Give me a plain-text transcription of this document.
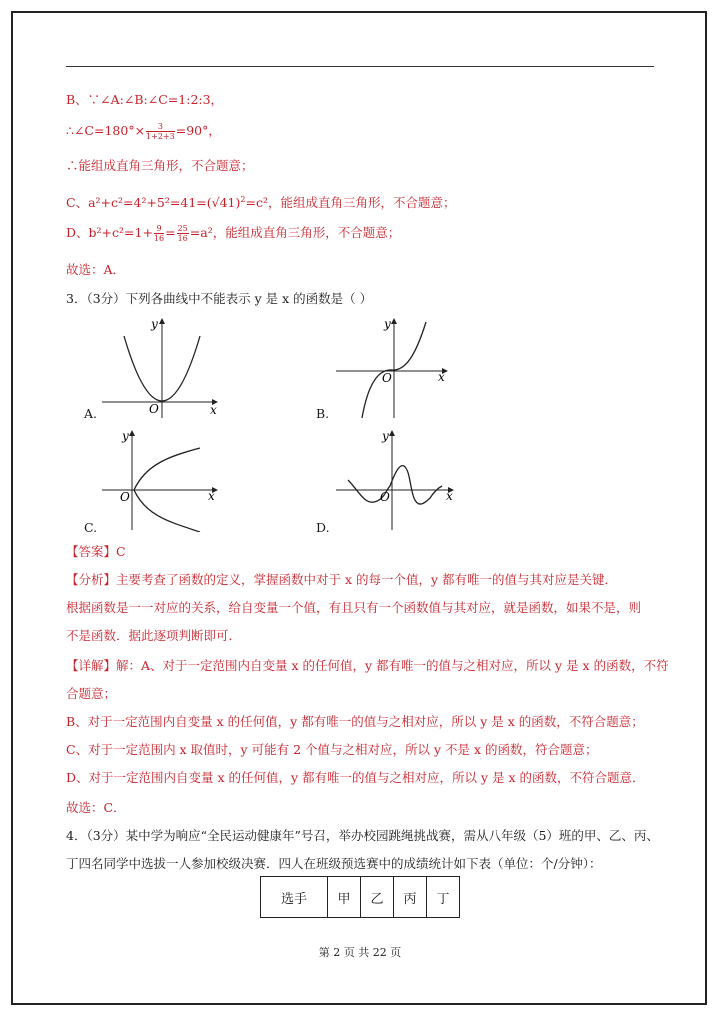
B、∵∠A:∠B:∠C=1:2:3，
∴∠C=180°× $\frac{3}{1+2+3} =90^\circ$，
∴能组成直角三角形，不合题意；
C、$a^2+c^2=4^2+5^2=41=(√41)^2=c^2$，能组成直角三角形，不合题意；
D、$b^2+c^2=1+ \frac{9}{16} = \frac{25}{16} =a^2$，能组成直角三角形，不合题意；
故选：A．
3．（3分）下列各曲线中不能表示 y 是 x 的函数是（ ）
x
y
O
A.
x
y
O
B.
x
y
O
C.
x
y
O
D.
【答案】C
【分析】主要考查了函数的定义，掌握函数中对于 x 的每一个值，y 都有唯一的值与其对应是关键．
根据函数是一一对应的关系，给自变量一个值，有且只有一个函数值与其对应，就是函数，如果不是，则
不是函数．据此逐项判断即可．
【详解】解：A、对于一定范围内自变量 x 的任何值，y 都有唯一的值与之相对应，所以 y 是 x 的函数，不符
合题意；
B、对于一定范围内自变量 x 的任何值，y 都有唯一的值与之相对应，所以 y 是 x 的函数，不符合题意；
C、对于一定范围内 x 取值时，y 可能有 2 个值与之相对应，所以 y 不是 x 的函数，符合题意；
D、对于一定范围内自变量 x 的任何值，y 都有唯一的值与之相对应，所以 y 是 x 的函数，不符合题意．
故选：C．
4．（3分）某中学为响应“全民运动健康年”号召，举办校园跳绳挑战赛，需从八年级（5）班的甲、乙、丙、
丁四名同学中选拔一人参加校级决赛．四人在班级预选赛中的成绩统计如下表（单位：个/分钟）：
选手	甲	乙	丙	丁
第 2 页 共 22 页
